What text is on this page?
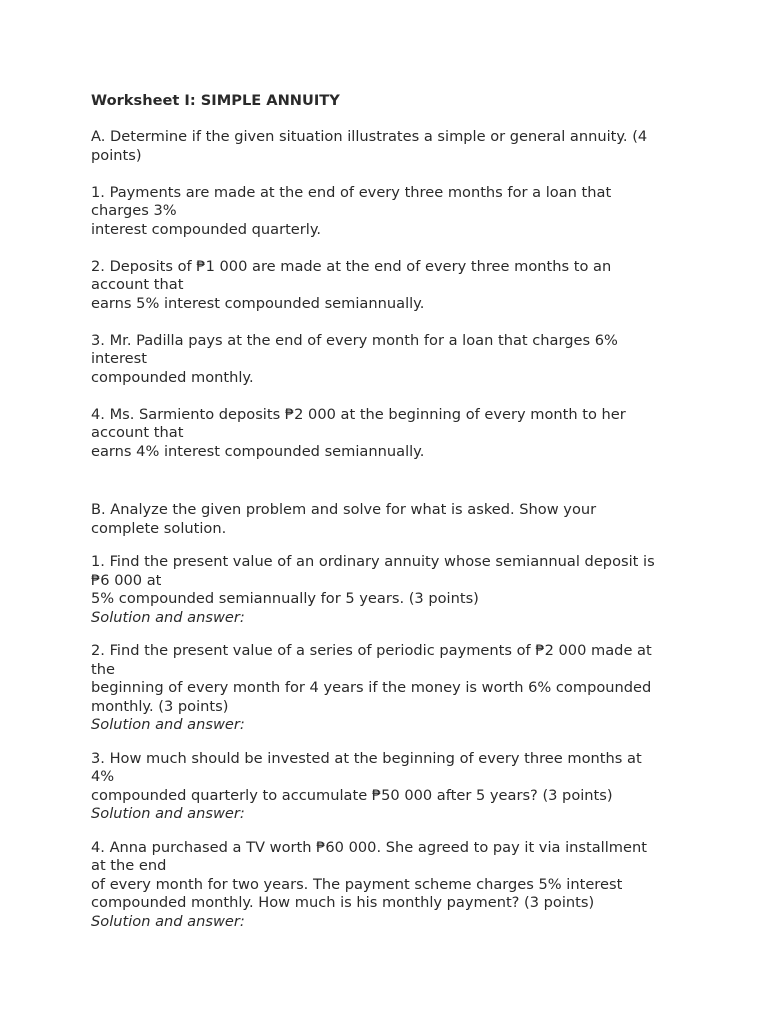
Worksheet I: SIMPLE ANNUITY
A. Determine if the given situation illustrates a simple or general annuity. (4
points)
1. Payments are made at the end of every three months for a loan that
charges 3%
interest compounded quarterly.
2. Deposits of ₱1 000 are made at the end of every three months to an
account that
earns 5% interest compounded semiannually.
3. Mr. Padilla pays at the end of every month for a loan that charges 6%
interest
compounded monthly.
4. Ms. Sarmiento deposits ₱2 000 at the beginning of every month to her
account that
earns 4% interest compounded semiannually.
B. Analyze the given problem and solve for what is asked. Show your
complete solution.
1. Find the present value of an ordinary annuity whose semiannual deposit is
₱6 000 at
5% compounded semiannually for 5 years. (3 points)
Solution and answer:
2. Find the present value of a series of periodic payments of ₱2 000 made at
the
beginning of every month for 4 years if the money is worth 6% compounded
monthly. (3 points)
Solution and answer:
3. How much should be invested at the beginning of every three months at
4%
compounded quarterly to accumulate ₱50 000 after 5 years? (3 points)
Solution and answer:
4. Anna purchased a TV worth ₱60 000. She agreed to pay it via installment
at the end
of every month for two years. The payment scheme charges 5% interest
compounded monthly. How much is his monthly payment? (3 points)
Solution and answer:
